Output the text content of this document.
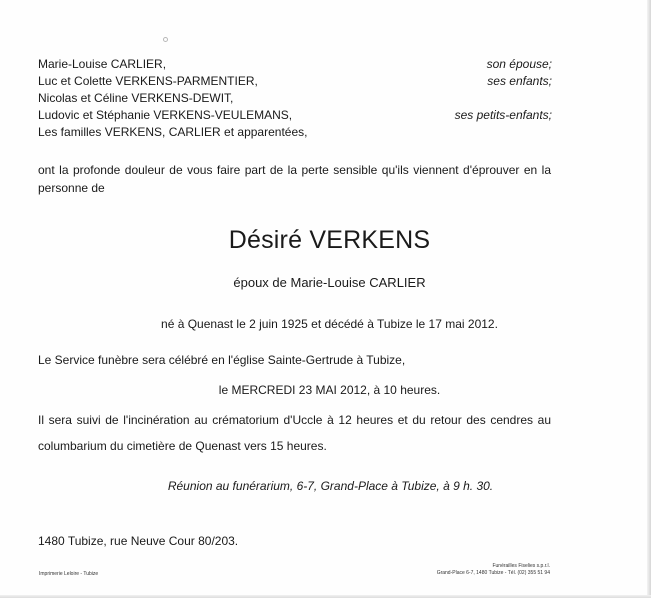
Marie-Louise CARLIER,	son épouse;
Luc et Colette VERKENS-PARMENTIER,	ses enfants;
Nicolas et Céline VERKENS-DEWIT,
Ludovic et Stéphanie VERKENS-VEULEMANS,	ses petits-enfants;
Les familles VERKENS, CARLIER et apparentées,
ont la profonde douleur de vous faire part de la perte sensible qu'ils viennent d'éprouver en la
personne de
Désiré VERKENS
époux de Marie-Louise CARLIER
né à Quenast le 2 juin 1925 et décédé à Tubize le 17 mai 2012.
Le Service funèbre sera célébré en l'église Sainte-Gertrude à Tubize,
le MERCREDI 23 MAI 2012, à 10 heures.
Il sera suivi de l'incinération au crématorium d'Uccle à 12 heures et du retour des cendres au
columbarium du cimetière de Quenast vers 15 heures.
Réunion au funérarium, 6-7, Grand-Place à Tubize, à 9 h. 30.
1480 Tubize, rue Neuve Cour 80/203.
Imprimerie Leloire - Tubize
Funérailles Fiselies s.p.r.l.
Grand-Place 6-7, 1480 Tubize - Tél. (02) 355 51 94
